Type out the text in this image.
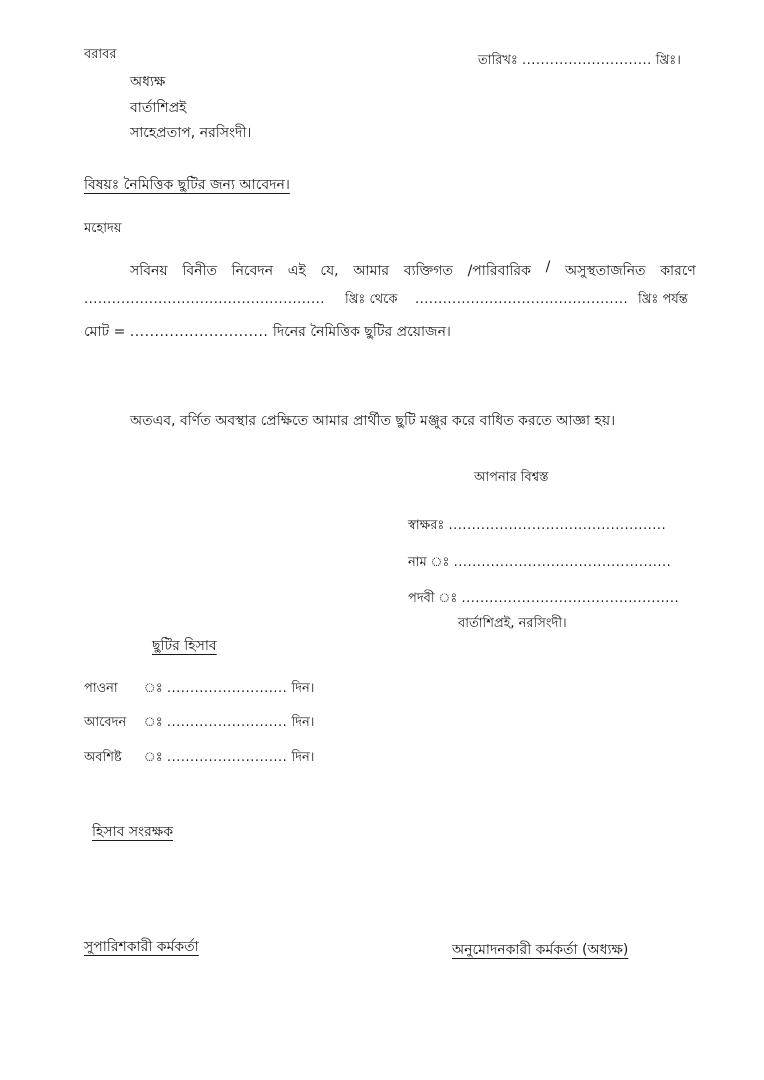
বরাবর	তারিখঃ ............................ খ্রিঃ।
অধ্যক্ষ
বার্তাশিপ্রই
সাহেপ্রতাপ, নরসিংদী।
বিষয়ঃ নৈমিত্তিক ছুটির জন্য আবেদন।
মহোদয়
সবিনয় বিনীত নিবেদন এই যে, আমার ব্যক্তিগত /পারিবারিক / অসুস্থতাজনিত কারণে
.................................................... খ্রিঃ থেকে .............................................. খ্রিঃ পর্যন্ত
মোট = ............................ দিনের নৈমিত্তিক ছুটির প্রয়োজন।
অতএব, বর্ণিত অবস্থার প্রেক্ষিতে আমার প্রার্থীত ছুটি মঞ্জুর করে বাধিত করতে আজ্ঞা হয়।
আপনার বিশ্বস্ত
স্বাক্ষরঃ ...............................................
নাম ঃ ...............................................
পদবী ঃ ...............................................
বার্তাশিপ্রই, নরসিংদী।
ছুটির হিসাব
পাওনা	.......................... দিন।
আবেদন	.......................... দিন।
অবশিষ্ট	.......................... দিন।
হিসাব সংরক্ষক
সুপারিশকারী কর্মকর্তা	অনুমোদনকারী কর্মকর্তা (অধ্যক্ষ)
